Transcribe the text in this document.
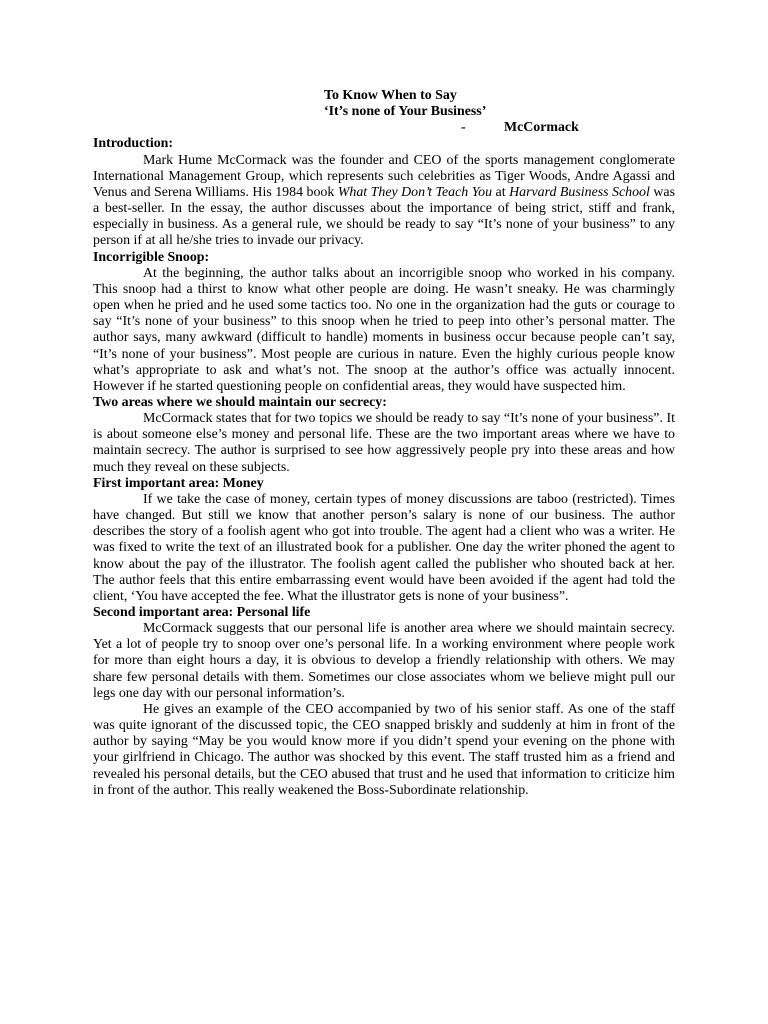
To Know When to Say
‘It’s none of Your Business’
-	McCormack
Introduction:

Mark Hume McCormack was the founder and CEO of the sports management conglomerate International Management Group, which represents such celebrities as Tiger Woods, Andre Agassi and Venus and Serena Williams. His 1984 book What They Don’t Teach You at Harvard Business School was a best-seller. In the essay, the author discusses about the importance of being strict, stiff and frank, especially in business. As a general rule, we should be ready to say “It’s none of your business” to any person if at all he/she tries to invade our privacy.

Incorrigible Snoop:

At the beginning, the author talks about an incorrigible snoop who worked in his company. This snoop had a thirst to know what other people are doing. He wasn’t sneaky. He was charmingly open when he pried and he used some tactics too. No one in the organization had the guts or courage to say “It’s none of your business” to this snoop when he tried to peep into other’s personal matter. The author says, many awkward (difficult to handle) moments in business occur because people can’t say, “It’s none of your business”. Most people are curious in nature. Even the highly curious people know what’s appropriate to ask and what’s not. The snoop at the author’s office was actually innocent. However if he started questioning people on confidential areas, they would have suspected him.

Two areas where we should maintain our secrecy:

McCormack states that for two topics we should be ready to say “It’s none of your business”. It is about someone else’s money and personal life. These are the two important areas where we have to maintain secrecy. The author is surprised to see how aggressively people pry into these areas and how much they reveal on these subjects.

First important area: Money

If we take the case of money, certain types of money discussions are taboo (restricted). Times have changed. But still we know that another person’s salary is none of our business. The author describes the story of a foolish agent who got into trouble. The agent had a client who was a writer. He was fixed to write the text of an illustrated book for a publisher. One day the writer phoned the agent to know about the pay of the illustrator. The foolish agent called the publisher who shouted back at her. The author feels that this entire embarrassing event would have been avoided if the agent had told the client, ‘You have accepted the fee. What the illustrator gets is none of your business”.

Second important area: Personal life

McCormack suggests that our personal life is another area where we should maintain secrecy. Yet a lot of people try to snoop over one’s personal life. In a working environment where people work for more than eight hours a day, it is obvious to develop a friendly relationship with others. We may share few personal details with them. Sometimes our close associates whom we believe might pull our legs one day with our personal information’s.

He gives an example of the CEO accompanied by two of his senior staff. As one of the staff was quite ignorant of the discussed topic, the CEO snapped briskly and suddenly at him in front of the author by saying “May be you would know more if you didn’t spend your evening on the phone with your girlfriend in Chicago. The author was shocked by this event. The staff trusted him as a friend and revealed his personal details, but the CEO abused that trust and he used that information to criticize him in front of the author. This really weakened the Boss-Subordinate relationship.
